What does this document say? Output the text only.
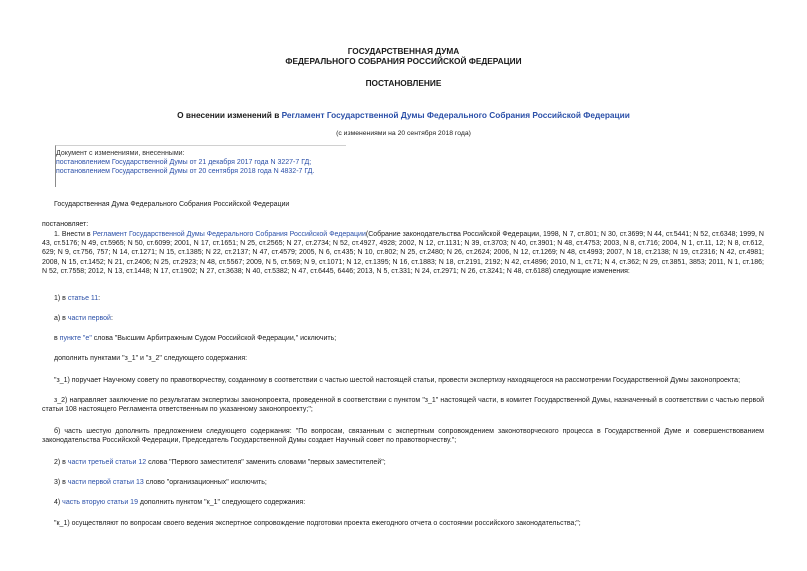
ГОСУДАРСТВЕННАЯ ДУМА
ФЕДЕРАЛЬНОГО СОБРАНИЯ РОССИЙСКОЙ ФЕДЕРАЦИИ
ПОСТАНОВЛЕНИЕ
О внесении изменений в Регламент Государственной Думы Федерального Собрания Российской Федерации
(с изменениями на 20 сентября 2018 года)
Документ с изменениями, внесенными:
постановлением Государственной Думы от 21 декабря 2017 года N 3227-7 ГД;
постановлением Государственной Думы от 20 сентября 2018 года N 4832-7 ГД.
Государственная Дума Федерального Собрания Российской Федерации
постановляет:
1. Внести в Регламент Государственной Думы Федерального Собрания Российской Федерации(Собрание законодательства Российской Федерации, 1998, N 7, ст.801; N 30, ст.3699; N 44, ст.5441; N 52, ст.6348; 1999, N 43, ст.5176; N 49, ст.5965; N 50, ст.6099; 2001, N 17, ст.1651; N 25, ст.2565; N 27, ст.2734; N 52, ст.4927, 4928; 2002, N 12, ст.1131; N 39, ст.3703; N 40, ст.3901; N 48, ст.4753; 2003, N 8, ст.716; 2004, N 1, ст.11, 12; N 8, ст.612, 629; N 9, ст.756, 757; N 14, ст.1271; N 15, ст.1385; N 22, ст.2137; N 47, ст.4579; 2005, N 6, ст.435; N 10, ст.802; N 25, ст.2480; N 26, ст.2624; 2006, N 12, ст.1269; N 48, ст.4993; 2007, N 18, ст.2138; N 19, ст.2316; N 42, ст.4981; 2008, N 15, ст.1452; N 21, ст.2406; N 25, ст.2923; N 48, ст.5567; 2009, N 5, ст.569; N 9, ст.1071; N 12, ст.1395; N 16, ст.1883; N 18, ст.2191, 2192; N 42, ст.4896; 2010, N 1, ст.71; N 4, ст.362; N 29, ст.3851, 3853; 2011, N 1, ст.186; N 52, ст.7558; 2012, N 13, ст.1448; N 17, ст.1902; N 27, ст.3638; N 40, ст.5382; N 47, ст.6445, 6446; 2013, N 5, ст.331; N 24, ст.2971; N 26, ст.3241; N 48, ст.6188) следующие изменения:
1) в статье 11:
а) в части первой:
в пункте "е" слова "Высшим Арбитражным Судом Российской Федерации," исключить;
дополнить пунктами "з_1" и "з_2" следующего содержания:
"з_1) поручает Научному совету по правотворчеству, созданному в соответствии с частью шестой настоящей статьи, провести экспертизу находящегося на рассмотрении Государственной Думы законопроекта;
з_2) направляет заключение по результатам экспертизы законопроекта, проведенной в соответствии с пунктом "з_1" настоящей части, в комитет Государственной Думы, назначенный в соответствии с частью первой статьи 108 настоящего Регламента ответственным по указанному законопроекту;";
б) часть шестую дополнить предложением следующего содержания: "По вопросам, связанным с экспертным сопровождением законотворческого процесса в Государственной Думе и совершенствованием законодательства Российской Федерации, Председатель Государственной Думы создает Научный совет по правотворчеству.";
2) в части третьей статьи 12 слова "Первого заместителя" заменить словами "первых заместителей";
3) в части первой статьи 13 слово "организационных" исключить;
4) часть вторую статьи 19 дополнить пунктом "к_1" следующего содержания:
"к_1) осуществляют по вопросам своего ведения экспертное сопровождение подготовки проекта ежегодного отчета о состоянии российского законодательства;";
